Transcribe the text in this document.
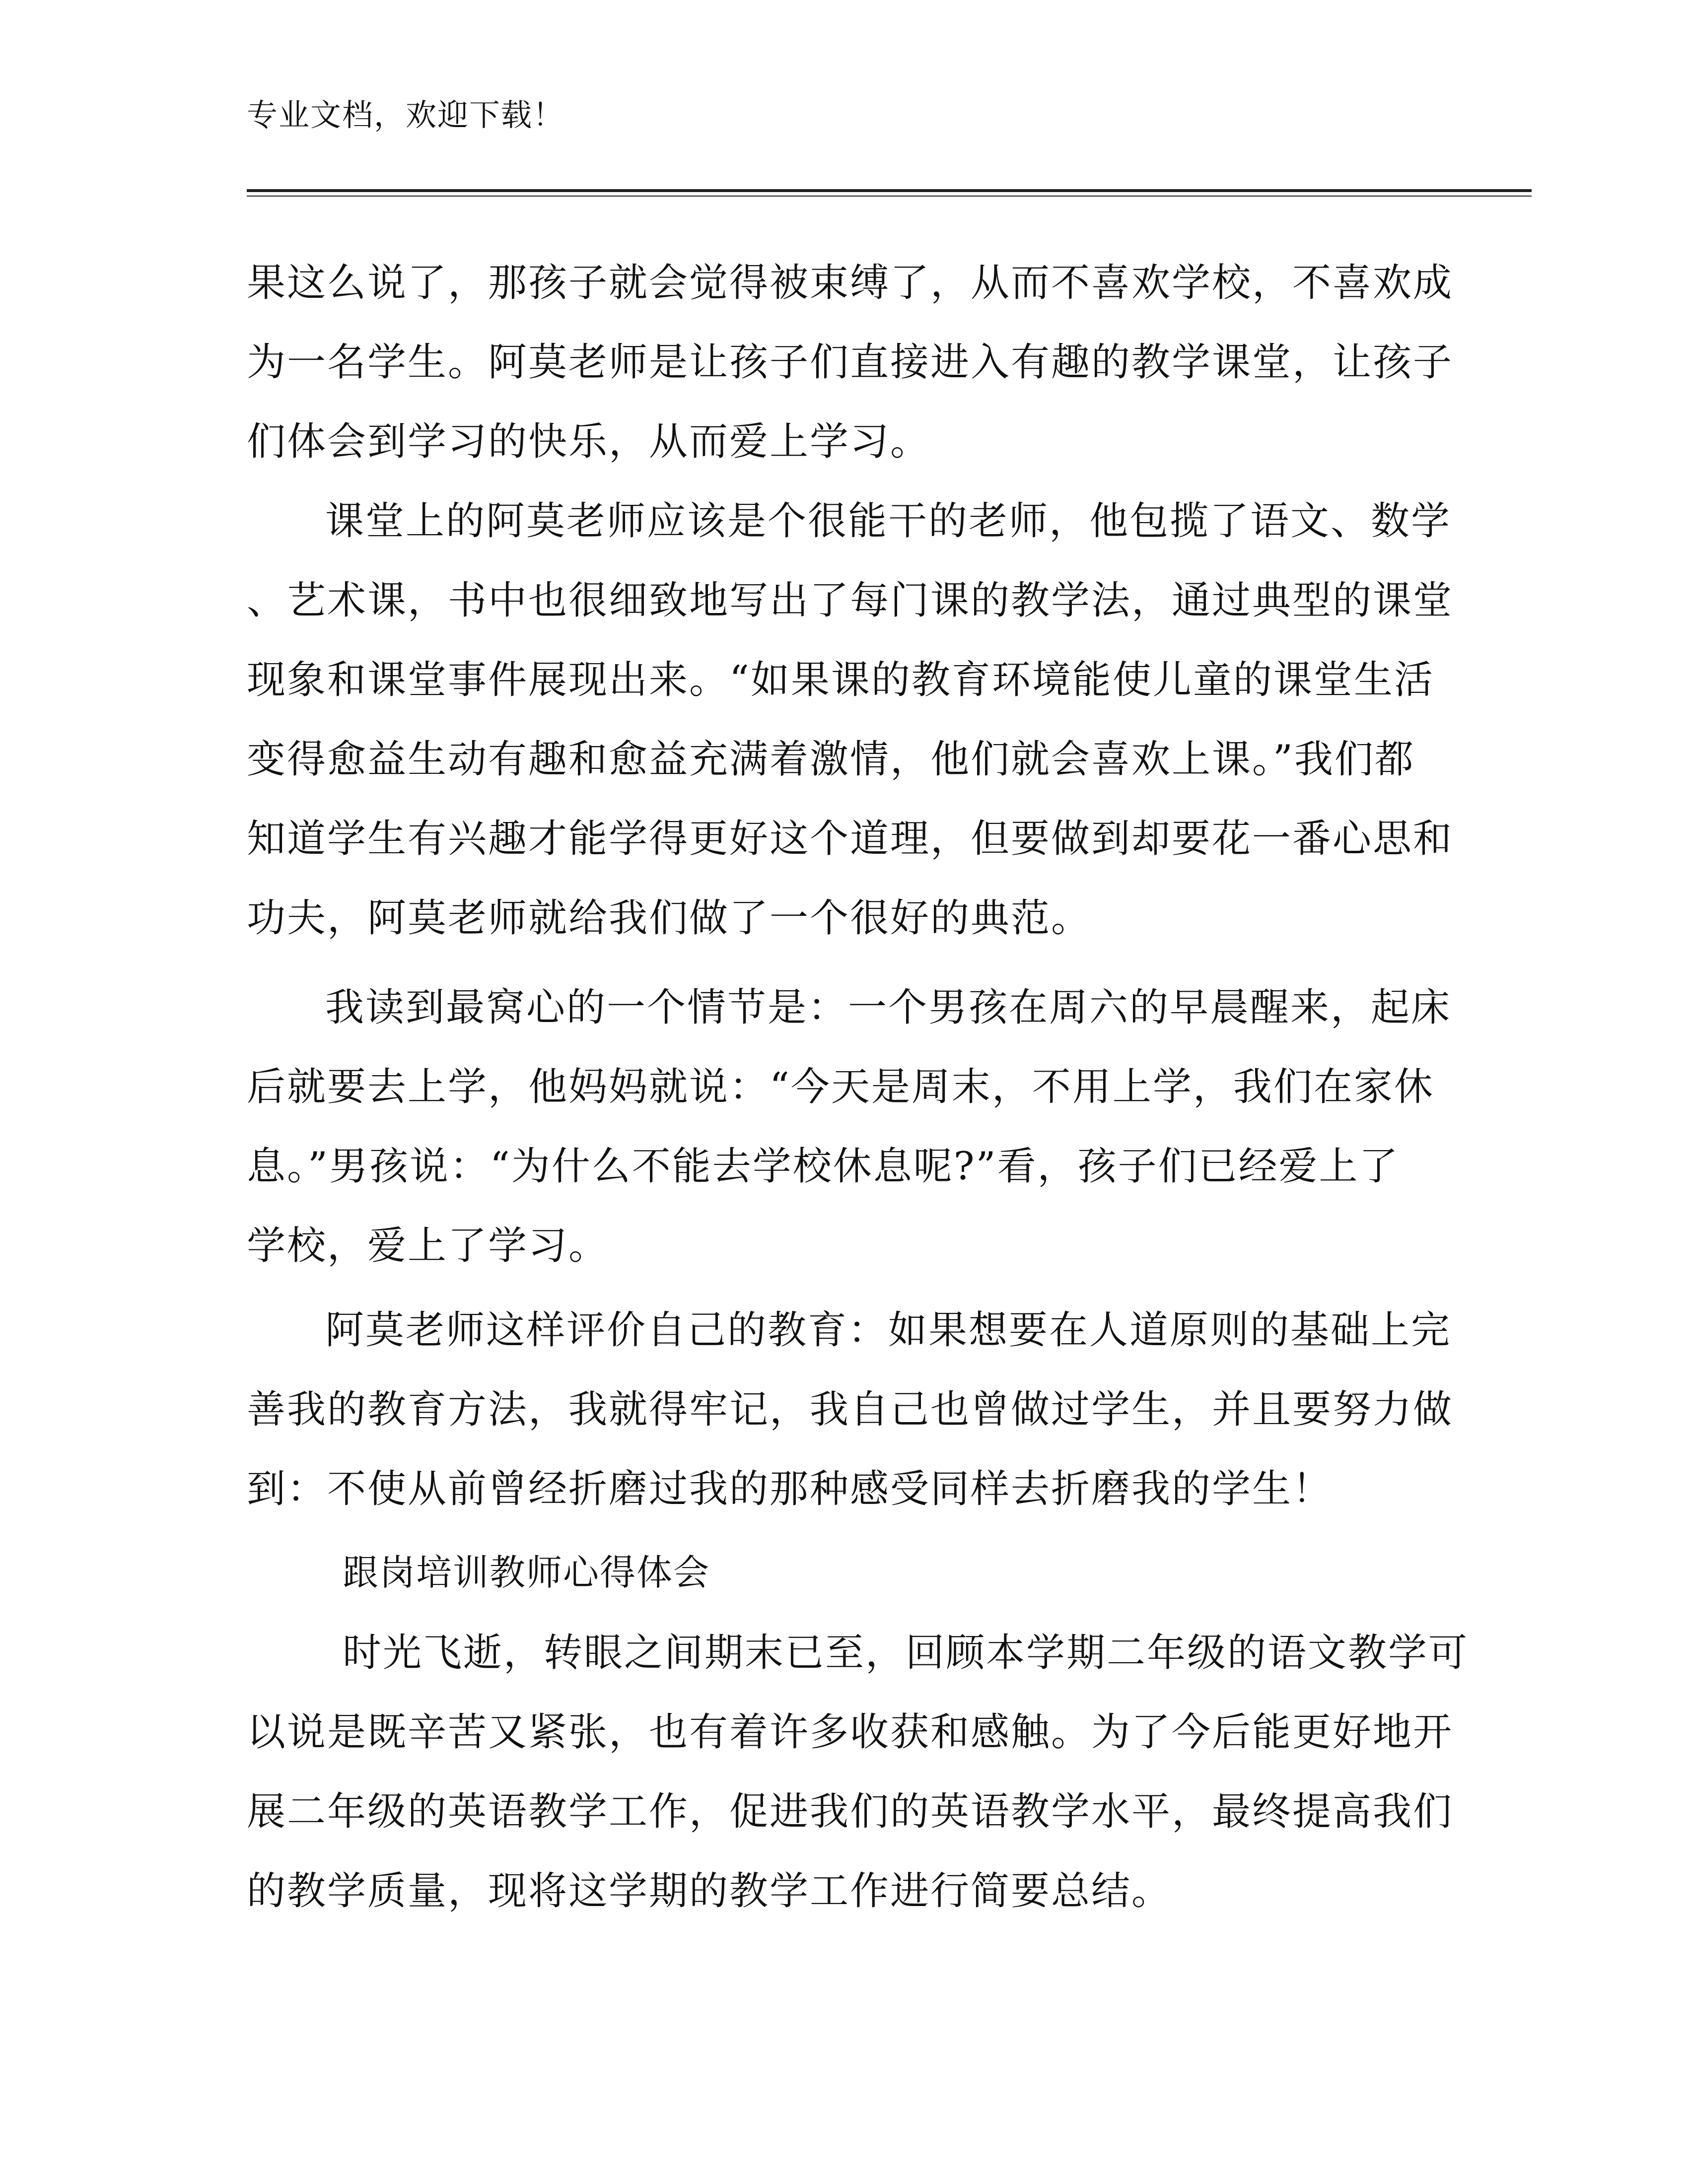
专业文档，欢迎下载！
果这么说了，那孩子就会觉得被束缚了，从而不喜欢学校，不喜欢成
为一名学生。阿莫老师是让孩子们直接进入有趣的教学课堂，让孩子
们体会到学习的快乐，从而爱上学习。
课堂上的阿莫老师应该是个很能干的老师，他包揽了语文、数学
、艺术课，书中也很细致地写出了每门课的教学法，通过典型的课堂
现象和课堂事件展现出来。“如果课的教育环境能使儿童的课堂生活
变得愈益生动有趣和愈益充满着激情，他们就会喜欢上课。”我们都
知道学生有兴趣才能学得更好这个道理，但要做到却要花一番心思和
功夫，阿莫老师就给我们做了一个很好的典范。
我读到最窝心的一个情节是：一个男孩在周六的早晨醒来，起床
后就要去上学，他妈妈就说：“今天是周末，不用上学，我们在家休
息。”男孩说：“为什么不能去学校休息呢?”看，孩子们已经爱上了
学校，爱上了学习。
阿莫老师这样评价自己的教育：如果想要在人道原则的基础上完
善我的教育方法，我就得牢记，我自己也曾做过学生，并且要努力做
到：不使从前曾经折磨过我的那种感受同样去折磨我的学生！
跟岗培训教师心得体会
时光飞逝，转眼之间期末已至，回顾本学期二年级的语文教学可
以说是既辛苦又紧张，也有着许多收获和感触。为了今后能更好地开
展二年级的英语教学工作，促进我们的英语教学水平，最终提高我们
的教学质量，现将这学期的教学工作进行简要总结。
